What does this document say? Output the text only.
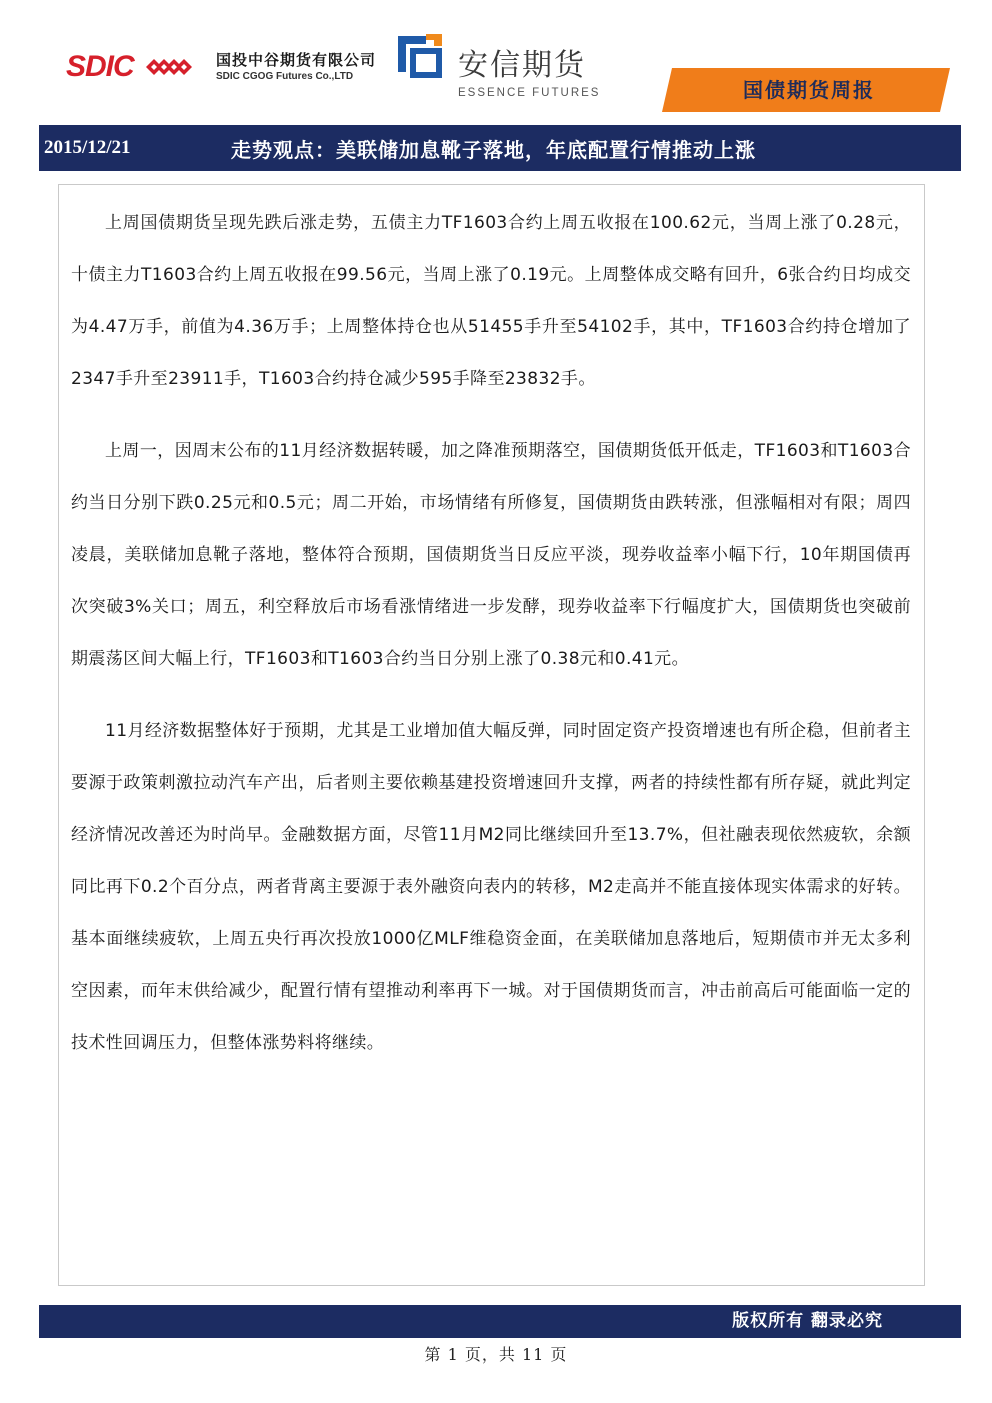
SDIC	国投中谷期货有限公司
SDIC CGOG Futures Co.,LTD	安信期货
ESSENCE FUTURES	国债期货周报
2015/12/21	走势观点：美联储加息靴子落地，年底配置行情推动上涨

上周国债期货呈现先跌后涨走势，五债主力TF1603合约上周五收报在100.62元，当周上涨了0.28元，十债主力T1603合约上周五收报在99.56元，当周上涨了0.19元。上周整体成交略有回升，6张合约日均成交为4.47万手，前值为4.36万手；上周整体持仓也从51455手升至54102手，其中，TF1603合约持仓增加了2347手升至23911手，T1603合约持仓减少595手降至23832手。

上周一，因周末公布的11月经济数据转暖，加之降准预期落空，国债期货低开低走，TF1603和T1603合约当日分别下跌0.25元和0.5元；周二开始，市场情绪有所修复，国债期货由跌转涨，但涨幅相对有限；周四凌晨，美联储加息靴子落地，整体符合预期，国债期货当日反应平淡，现券收益率小幅下行，10年期国债再次突破3%关口；周五，利空释放后市场看涨情绪进一步发酵，现券收益率下行幅度扩大，国债期货也突破前期震荡区间大幅上行，TF1603和T1603合约当日分别上涨了0.38元和0.41元。

11月经济数据整体好于预期，尤其是工业增加值大幅反弹，同时固定资产投资增速也有所企稳，但前者主要源于政策刺激拉动汽车产出，后者则主要依赖基建投资增速回升支撑，两者的持续性都有所存疑，就此判定经济情况改善还为时尚早。金融数据方面，尽管11月M2同比继续回升至13.7%，但社融表现依然疲软，余额同比再下0.2个百分点，两者背离主要源于表外融资向表内的转移，M2走高并不能直接体现实体需求的好转。基本面继续疲软，上周五央行再次投放1000亿MLF维稳资金面，在美联储加息落地后，短期债市并无太多利空因素，而年末供给减少，配置行情有望推动利率再下一城。对于国债期货而言，冲击前高后可能面临一定的技术性回调压力，但整体涨势料将继续。

版权所有 翻录必究
第 1 页，共 11 页
